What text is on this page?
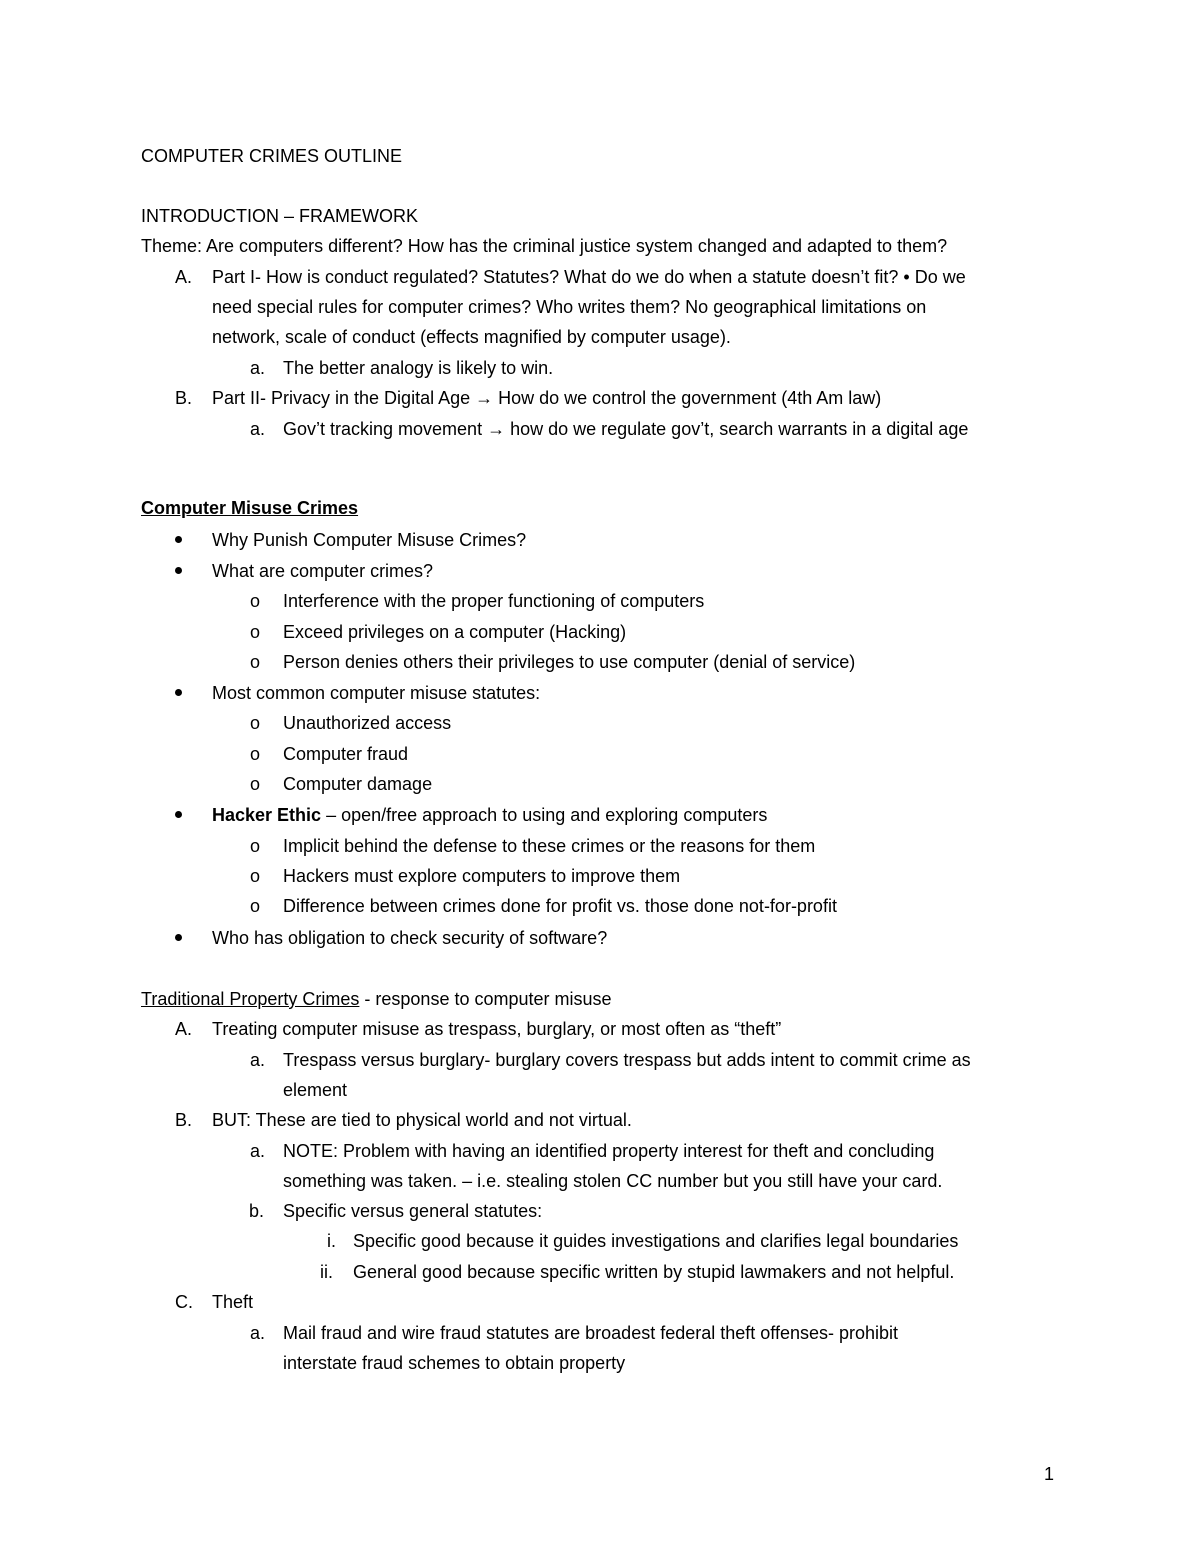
COMPUTER CRIMES OUTLINE
INTRODUCTION – FRAMEWORK
Theme: Are computers different? How has the criminal justice system changed and adapted to them?
A. Part I- How is conduct regulated? Statutes? What do we do when a statute doesn’t fit? • Do we
need special rules for computer crimes? Who writes them? No geographical limitations on
network, scale of conduct (effects magnified by computer usage).
a. The better analogy is likely to win.
B. Part II- Privacy in the Digital Age → How do we control the government (4th Am law)
a. Gov’t tracking movement → how do we regulate gov’t, search warrants in a digital age
Computer Misuse Crimes
Why Punish Computer Misuse Crimes?
What are computer crimes?
o Interference with the proper functioning of computers
o Exceed privileges on a computer (Hacking)
o Person denies others their privileges to use computer (denial of service)
Most common computer misuse statutes:
o Unauthorized access
o Computer fraud
o Computer damage
Hacker Ethic – open/free approach to using and exploring computers
o Implicit behind the defense to these crimes or the reasons for them
o Hackers must explore computers to improve them
o Difference between crimes done for profit vs. those done not-for-profit
Who has obligation to check security of software?
Traditional Property Crimes - response to computer misuse
A. Treating computer misuse as trespass, burglary, or most often as “theft”
a. Trespass versus burglary- burglary covers trespass but adds intent to commit crime as
element
B. BUT: These are tied to physical world and not virtual.
a. NOTE: Problem with having an identified property interest for theft and concluding
something was taken. – i.e. stealing stolen CC number but you still have your card.
b. Specific versus general statutes:
i. Specific good because it guides investigations and clarifies legal boundaries
ii. General good because specific written by stupid lawmakers and not helpful.
C. Theft
a. Mail fraud and wire fraud statutes are broadest federal theft offenses- prohibit
interstate fraud schemes to obtain property
1
